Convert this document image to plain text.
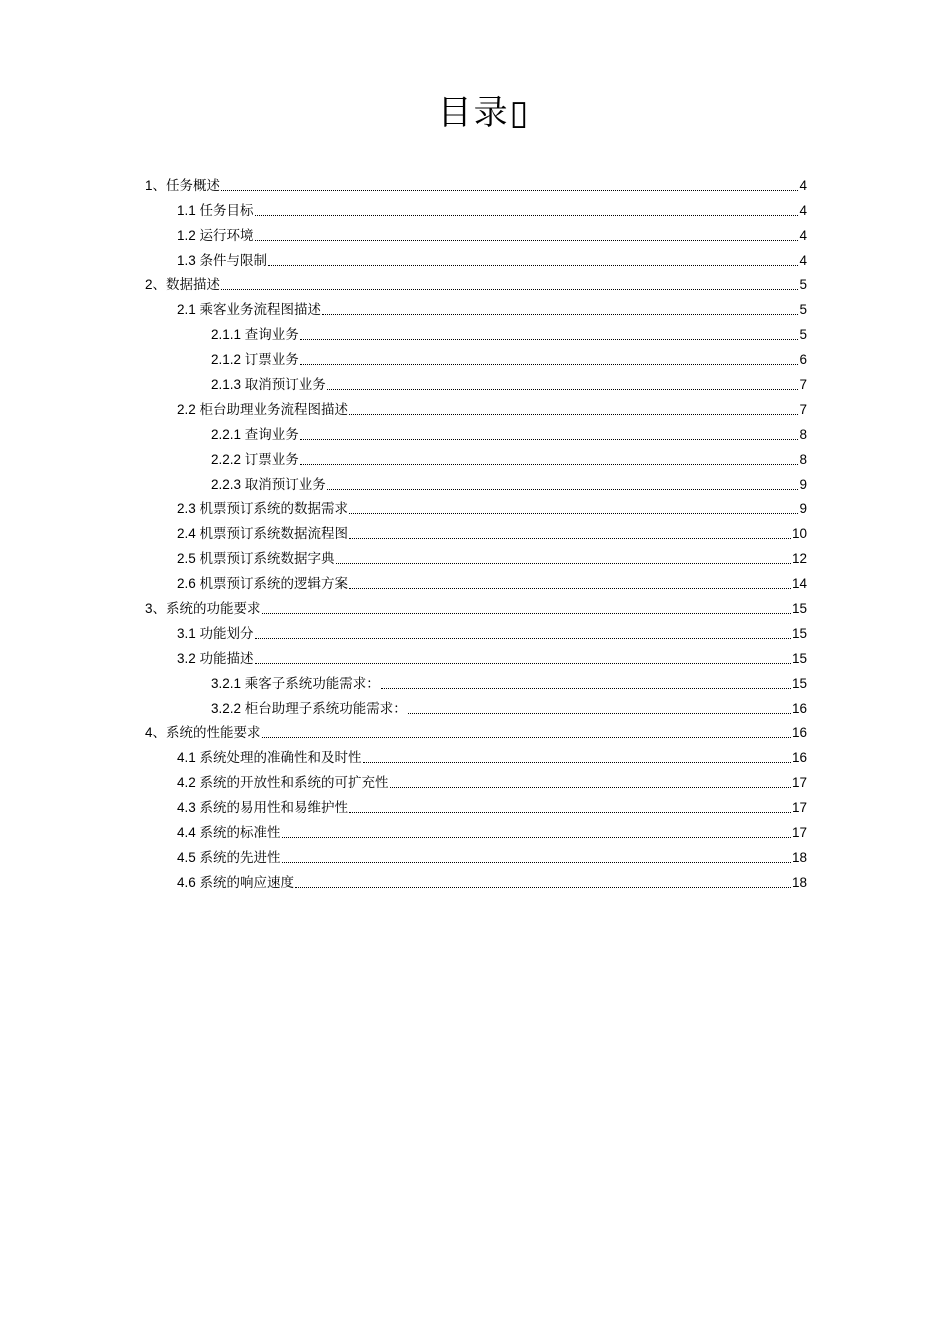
目录▯
1、任务概述	4
1.1 任务目标	4
1.2 运行环境	4
1.3 条件与限制	4
2、数据描述	5
2.1 乘客业务流程图描述	5
2.1.1 查询业务	5
2.1.2 订票业务	6
2.1.3 取消预订业务	7
2.2 柜台助理业务流程图描述	7
2.2.1 查询业务	8
2.2.2 订票业务	8
2.2.3 取消预订业务	9
2.3 机票预订系统的数据需求	9
2.4 机票预订系统数据流程图	10
2.5 机票预订系统数据字典	12
2.6 机票预订系统的逻辑方案	14
3、系统的功能要求	15
3.1 功能划分	15
3.2 功能描述	15
3.2.1 乘客子系统功能需求：	15
3.2.2 柜台助理子系统功能需求：	16
4、系统的性能要求	16
4.1 系统处理的准确性和及时性	16
4.2 系统的开放性和系统的可扩充性	17
4.3 系统的易用性和易维护性	17
4.4 系统的标准性	17
4.5 系统的先进性	18
4.6 系统的响应速度	18
